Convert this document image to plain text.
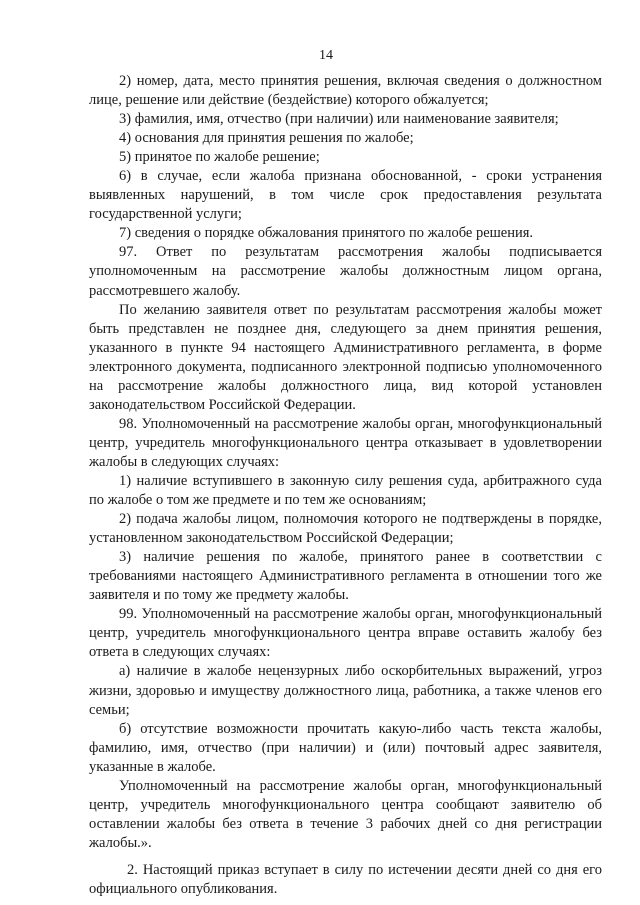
14

2) номер, дата, место принятия решения, включая сведения о должностном лице, решение или действие (бездействие) которого обжалуется;

3) фамилия, имя, отчество (при наличии) или наименование заявителя;

4) основания для принятия решения по жалобе;

5) принятое по жалобе решение;

6) в случае, если жалоба признана обоснованной, - сроки устранения выявленных нарушений, в том числе срок предоставления результата государственной услуги;

7) сведения о порядке обжалования принятого по жалобе решения.

97. Ответ по результатам рассмотрения жалобы подписывается уполномоченным на рассмотрение жалобы должностным лицом органа, рассмотревшего жалобу.

По желанию заявителя ответ по результатам рассмотрения жалобы может быть представлен не позднее дня, следующего за днем принятия решения, указанного в пункте 94 настоящего Административного регламента, в форме электронного документа, подписанного электронной подписью уполномоченного на рассмотрение жалобы должностного лица, вид которой установлен законодательством Российской Федерации.

98. Уполномоченный на рассмотрение жалобы орган, многофункциональный центр, учредитель многофункционального центра отказывает в удовлетворении жалобы в следующих случаях:

1) наличие вступившего в законную силу решения суда, арбитражного суда по жалобе о том же предмете и по тем же основаниям;

2) подача жалобы лицом, полномочия которого не подтверждены в порядке, установленном законодательством Российской Федерации;

3) наличие решения по жалобе, принятого ранее в соответствии с требованиями настоящего Административного регламента в отношении того же заявителя и по тому же предмету жалобы.

99. Уполномоченный на рассмотрение жалобы орган, многофункциональный центр, учредитель многофункционального центра вправе оставить жалобу без ответа в следующих случаях:

а) наличие в жалобе нецензурных либо оскорбительных выражений, угроз жизни, здоровью и имуществу должностного лица, работника, а также членов его семьи;

б) отсутствие возможности прочитать какую-либо часть текста жалобы, фамилию, имя, отчество (при наличии) и (или) почтовый адрес заявителя, указанные в жалобе.

Уполномоченный на рассмотрение жалобы орган, многофункциональный центр, учредитель многофункционального центра сообщают заявителю об оставлении жалобы без ответа в течение 3 рабочих дней со дня регистрации жалобы.».

2. Настоящий приказ вступает в силу по истечении десяти дней со дня его официального опубликования.
